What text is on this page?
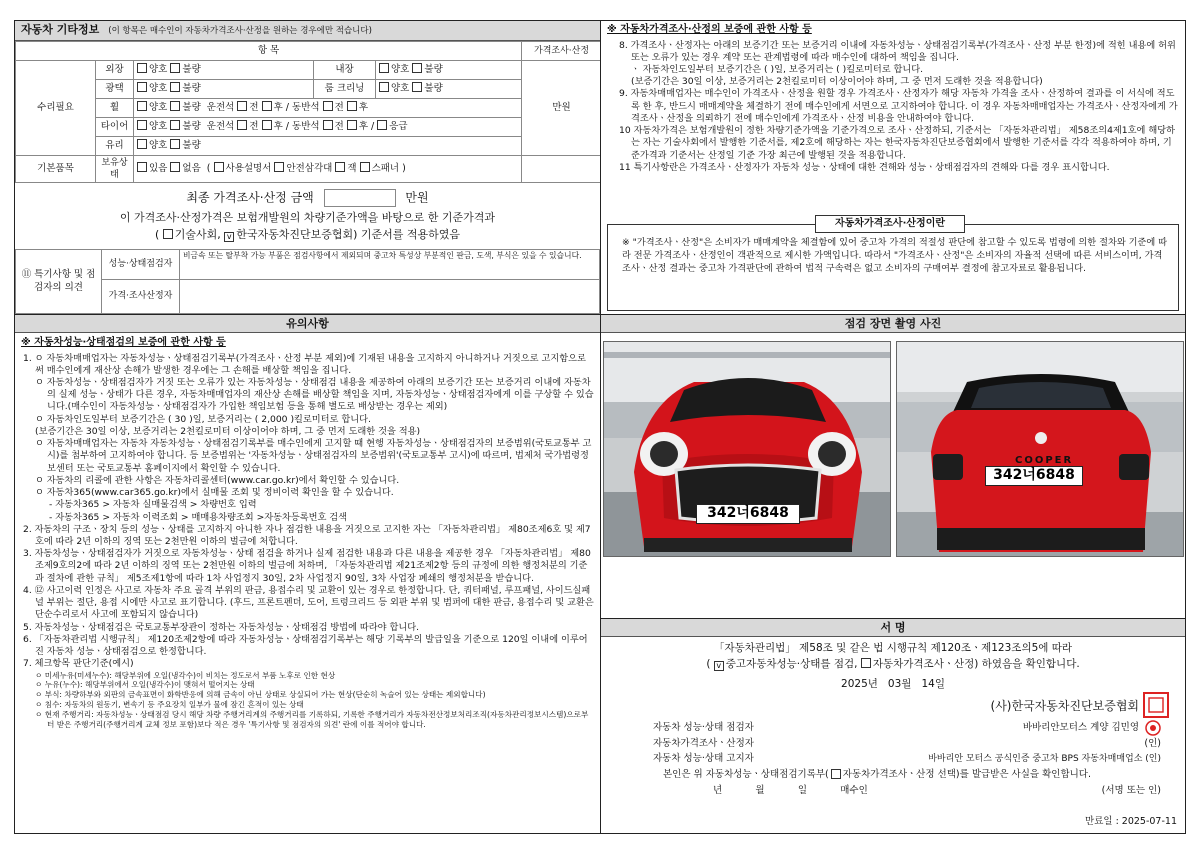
자동차 기타정보 (이 항목은 매수인이 자동차가격조사·산정을 원하는 경우에만 적습니다)
항 목					가격조사·산정
수리필요	외장	양호 불량	내장	양호 불량	만원
	광택	양호 불량	룸 크리닝	양호 불량	
	휠	양호 불량 운전석 전 후 / 동반석 전 후			
	타이어	양호 불량 운전석 전 후 / 동반석 전 후 / 응급			
	유리	양호 불량			
기본품목	보유상태	있음 없음  ( 사용설명서 안전삼각대 잭 스패너 )			
최종 가격조사·산정 금액	만원
이 가격조사·산정가격은 보험개발원의 차량기준가액을 바탕으로 한 기준가격과
( 기술사회, v 한국자동차진단보증협회) 기준서를 적용하였음
⑪ 특기사항 및 점검자의 의견	성능·상태점검자	비금속 또는 탈부착 가능 부품은 점검사항에서 제외되며 중고차 특성상 부분적인 판금, 도색, 부식은 있을 수 있습니다.
	가격·조사산정자	
유의사항
※ 자동차성능·상태점검의 보증에 관한 사항 등
1. ㅇ 자동차매매업자는 자동차성능ㆍ상태점검기록부(가격조사ㆍ산정 부분 제외)에 기재된 내용을 고지하지 아니하거나 거짓으로 고지함으로써 매수인에게 재산상 손해가 발생한 경우에는 그 손해를 배상할 책임을 집니다.
ㅇ 자동차성능ㆍ상태점검자가 거짓 또는 오류가 있는 자동차성능ㆍ상태점검 내용을 제공하여 아래의 보증기간 또는 보증거리 이내에 자동차의 실제 성능ㆍ상태가 다른 경우, 자동차매매업자의 재산상 손해를 배상할 책임을 지며, 자동차성능ㆍ상태점검자에게 이를 구상할 수 있습니다.(매수인이 자동차성능ㆍ상태점검자가 가입한 책임보험 등을 통해 별도로 배상받는 경우는 제외)
ㅇ 자동차인도일부터 보증기간은 ( 30 )일, 보증거리는 ( 2,000 )킬로미터로 합니다.
(보증기간은 30일 이상, 보증거리는 2천킬로미터 이상이어야 하며, 그 중 먼저 도래한 것을 적용)
ㅇ 자동차매매업자는 자동차 자동차성능ㆍ상태점검기록부를 매수인에게 고지할 때 현행 자동차성능ㆍ상태점검자의 보증범위(국토교통부 고시)를 첨부하여 고지하여야 합니다. 등 보증범위는 '자동차성능ㆍ상태점검자의 보증범위'(국토교통부 고시)에 따르며, 법제처 국가법령정보센터 또는 국토교통부 홈페이지에서 확인할 수 있습니다.
ㅇ 자동차의 리콜에 관한 사항은 자동차리콜센터(www.car.go.kr)에서 확인할 수 있습니다.
ㅇ 자동차365(www.car365.go.kr)에서 실매물 조회 및 정비이력 확인을 할 수 있습니다.
- 자동차365 > 자동차 실매물검색 > 차량번호 입력
- 자동차365 > 자동차 이력조회 > 매매용차량조회 >자동차등록번호 검색
2. 자동차의 구조ㆍ장치 등의 성능ㆍ상태를 고지하지 아니한 자나 점검한 내용을 거짓으로 고지한 자는 「자동차관리법」 제80조제6호 및 제7호에 따라 2년 이하의 징역 또는 2천만원 이하의 벌금에 처합니다.
3. 자동차성능ㆍ상태점검자가 거짓으로 자동차성능ㆍ상태 점검을 하거나 실제 점검한 내용과 다른 내용을 제공한 경우 「자동차관리법」 제80조제9호의2에 따라 2년 이하의 징역 또는 2천만원 이하의 벌금에 처하며, 「자동차관리법 제21조제2항 등의 규정에 의한 행정처분의 기준과 절차에 관한 규칙」 제5조제1항에 따라 1차 사업정지 30일, 2차 사업정지 90일, 3차 사업장 폐쇄의 행정처분을 받습니다.
4. ⑫ 사고이력 인정은 사고로 자동차 주요 골격 부위의 판금, 용접수리 및 교환이 있는 경우로 한정합니다. 단, 쿼터패널, 루프패널, 사이드실패널 부위는 절단, 용접 시에만 사고로 표기합니다. (후드, 프론트펜더, 도어, 트렁크리드 등 외판 부위 및 범퍼에 대한 판금, 용접수리 및 교환은 단순수리로서 사고에 포함되지 않습니다)
5. 자동차성능ㆍ상태점검은 국토교통부장관이 정하는 자동차성능ㆍ상태점검 방법에 따라야 합니다.
6. 「자동차관리법 시행규칙」 제120조제2항에 따라 자동차성능ㆍ상태점검기록부는 해당 기록부의 발급일을 기준으로 120일 이내에 이루어진 자동차 성능ㆍ상태점검으로 한정합니다.
7. 체크항목 판단기준(예시)
ㅇ 미세누유(미세누수): 해당부위에 오일(냉각수)이 비치는 정도로서 부품 노후로 인한 현상
ㅇ 누유(누수): 해당부위에서 오일(냉각수)이 맺혀서 떨어지는 상태
ㅇ 부식: 차량하부와 외판의 금속표면이 화학반응에 의해 금속이 아닌 상태로 상실되어 가는 현상(단순히 녹슬어 있는 상태는 제외합니다)
ㅇ 침수: 자동차의 원동기, 변속기 등 주요장치 일부가 물에 잠긴 흔적이 있는 상태
ㅇ 현재 주행거리: 자동차성능ㆍ상태점검 당시 해당 차량 주행거리계의 주행거리를 기록하되, 기록한 주행거리가 자동차전산정보처리조직(자동차관리정보시스템)으로부터 받은 주행거리(주행거리계 교체 정보 포함)보다 적은 경우 '특기사항 및 점검자의 의견' 란에 이를 적어야 합니다.
※ 자동차가격조사·산정의 보증에 관한 사항 등
8. 가격조사ㆍ산정자는 아래의 보증기간 또는 보증거리 이내에 자동차성능ㆍ상태점검기록부(가격조사ㆍ산정 부분 한정)에 적힌 내용에 허위 또는 오류가 있는 경우 계약 또는 관계법령에 따라 매수인에 대하여 책임을 집니다.
ㆍ 자동차인도일부터 보증기간은 ( )일, 보증거리는 ( )킬로미터로 합니다.
(보증기간은 30일 이상, 보증거리는 2천킬로미터 이상이어야 하며, 그 중 먼저 도래한 것을 적용합니다)
9. 자동차매매업자는 매수인이 가격조사ㆍ산정을 원할 경우 가격조사ㆍ산정자가 해당 자동차 가격을 조사ㆍ산정하여 결과를 이 서식에 적도록 한 후, 반드시 매매계약을 체결하기 전에 매수인에게 서면으로 고지하여야 합니다. 이 경우 자동차매매업자는 가격조사ㆍ산정자에게 가격조사ㆍ산정을 의뢰하기 전에 매수인에게 가격조사ㆍ산정 비용을 안내하여야 합니다.
10 자동차가격은 보험개발원이 정한 차량기준가액을 기준가격으로 조사ㆍ산정하되, 기준서는 「자동차관리법」 제58조의4제1호에 해당하는 자는 기술사회에서 발행한 기준서를, 제2호에 해당하는 자는 한국자동차진단보증협회에서 발행한 기준서를 각각 적용하여야 하며, 기준가격과 기준서는 산정일 기준 가장 최근에 발행된 것을 적용합니다.
11 특기사항란은 가격조사ㆍ산정자가 자동차 성능ㆍ상태에 대한 견해와 성능ㆍ상태점검자의 견해와 다를 경우 표시합니다.
자동차가격조사·산정이란
※ "가격조사ㆍ산정"은 소비자가 매매계약을 체결함에 있어 중고차 가격의 적절성 판단에 참고할 수 있도록 법령에 의한 절차와 기준에 따라 전문 가격조사ㆍ산정인이 객관적으로 제시한 가액입니다. 따라서 "가격조사ㆍ산정"은 소비자의 자율적 선택에 따른 서비스이며, 가격조사ㆍ산정 결과는 중고차 가격판단에 관하여 법적 구속력은 없고 소비자의 구매여부 결정에 참고자료로 활용됩니다.
점검 장면 촬영 사진
342너6848
COOPER
342너6848
서 명
「자동차관리법」 제58조 및 같은 법 시행규칙 제120조ㆍ제123조의5에 따라
( v중고자동차성능·상태를 점검, 자동차가격조사ㆍ산정) 하였음을 확인합니다.
2025년 03월 14일
(사)한국자동차진단보증협회
자동차 성능·상태 점검자	바바리안모터스 계양 김민영
자동차가격조사ㆍ산정자	(인)
자동차 성능·상태 고지자	바바리안 모터스 공식인증 중고차 BPS 자동차매매업소 (인)
본인은 위 자동차성능ㆍ상태점검기록부( 자동차가격조사ㆍ산정 선택)를 발급받은 사실을 확인합니다.
년	월	일	매수인	(서명 또는 인)
만료일 : 2025-07-11
